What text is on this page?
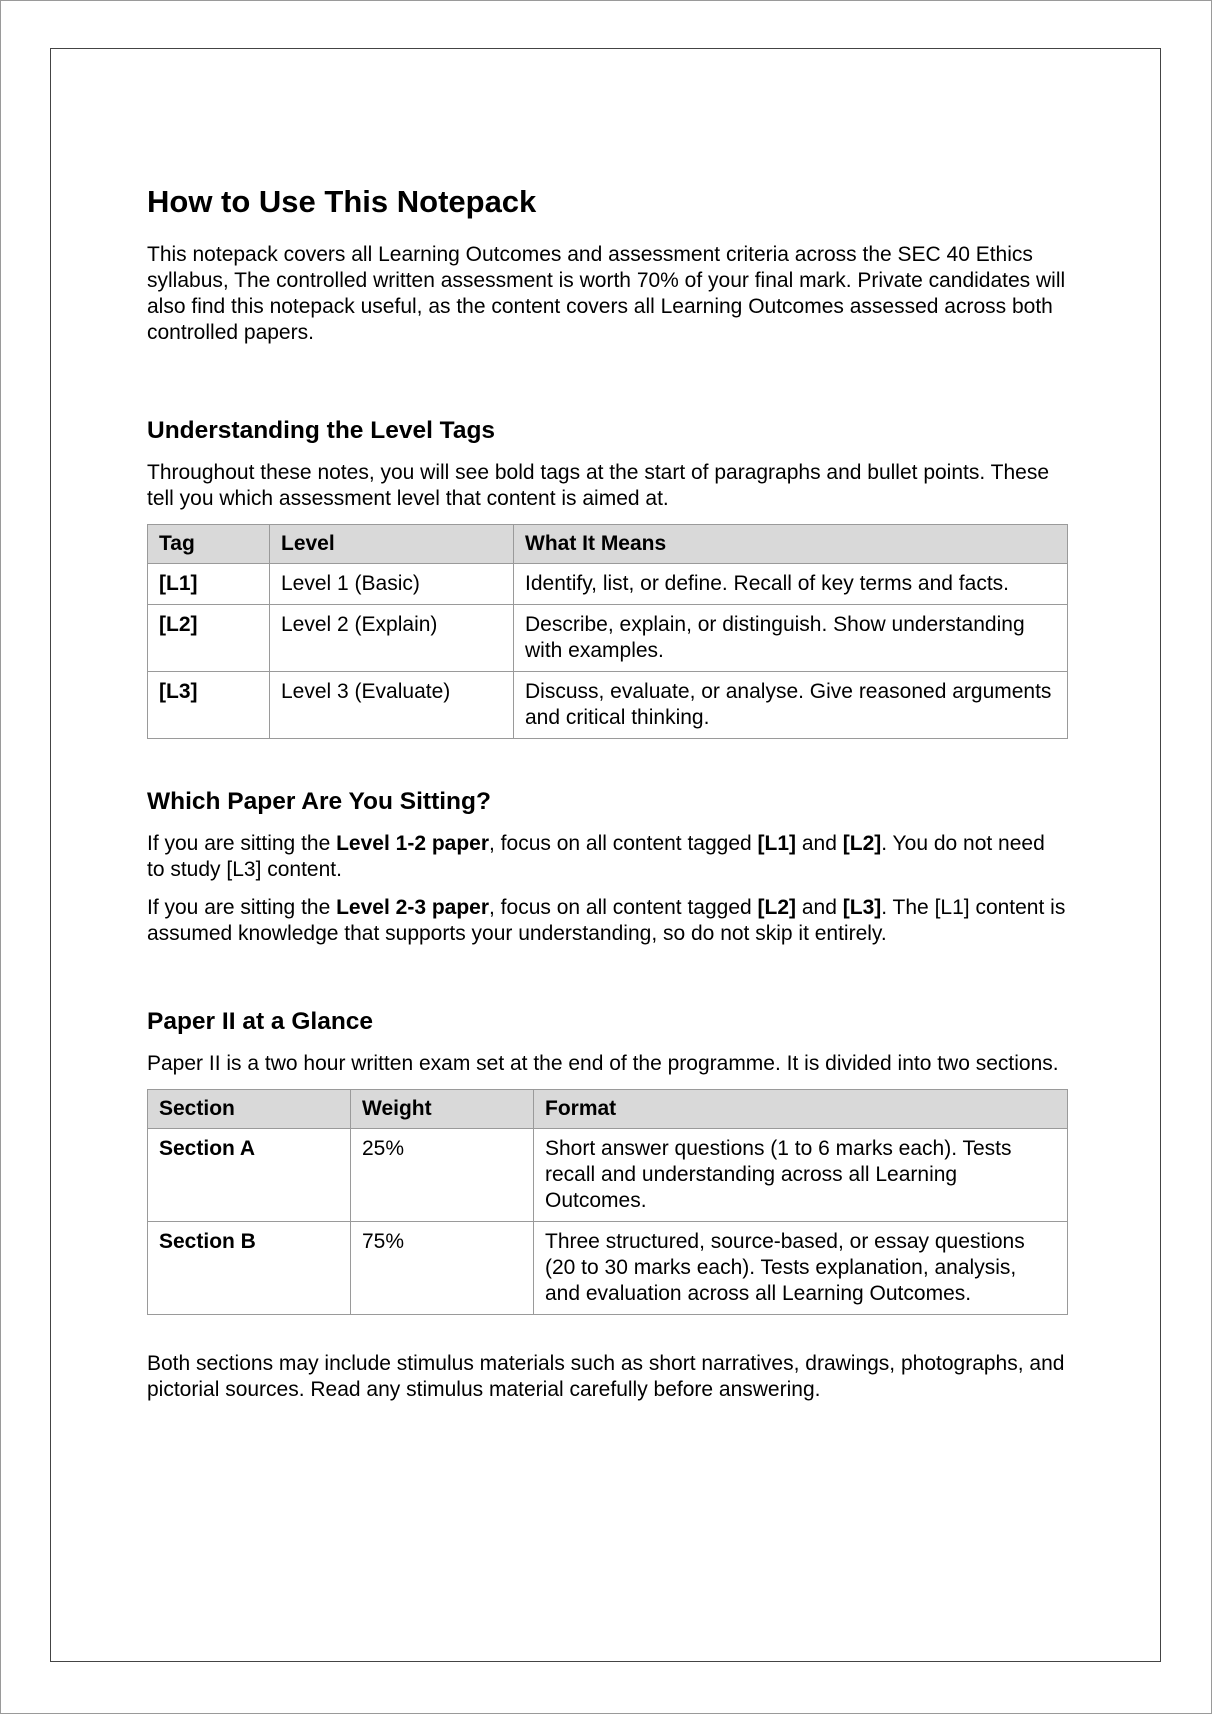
How to Use This Notepack

This notepack covers all Learning Outcomes and assessment criteria across the SEC 40 Ethics syllabus, The controlled written assessment is worth 70% of your final mark. Private candidates will also find this notepack useful, as the content covers all Learning Outcomes assessed across both controlled papers.

Understanding the Level Tags

Throughout these notes, you will see bold tags at the start of paragraphs and bullet points. These tell you which assessment level that content is aimed at.

Tag	Level	What It Means
[L1]	Level 1 (Basic)	Identify, list, or define. Recall of key terms and facts.
[L2]	Level 2 (Explain)	Describe, explain, or distinguish. Show understanding with examples.
[L3]	Level 3 (Evaluate)	Discuss, evaluate, or analyse. Give reasoned arguments and critical thinking.
Which Paper Are You Sitting?

If you are sitting the Level 1-2 paper, focus on all content tagged [L1] and [L2]. You do not need to study [L3] content.

If you are sitting the Level 2-3 paper, focus on all content tagged [L2] and [L3]. The [L1] content is assumed knowledge that supports your understanding, so do not skip it entirely.

Paper II at a Glance

Paper II is a two hour written exam set at the end of the programme. It is divided into two sections.

Section	Weight	Format
Section A	25%	Short answer questions (1 to 6 marks each). Tests recall and understanding across all Learning Outcomes.
Section B	75%	Three structured, source-based, or essay questions (20 to 30 marks each). Tests explanation, analysis, and evaluation across all Learning Outcomes.

Both sections may include stimulus materials such as short narratives, drawings, photographs, and pictorial sources. Read any stimulus material carefully before answering.
